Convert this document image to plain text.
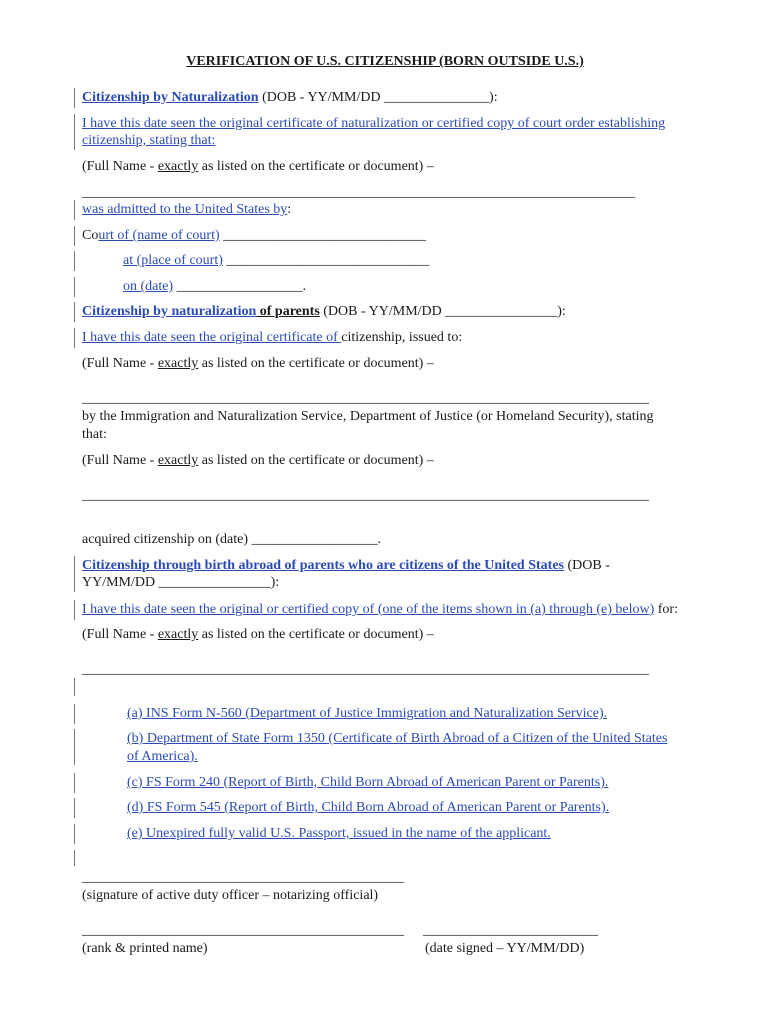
VERIFICATION OF U.S. CITIZENSHIP (BORN OUTSIDE U.S.)
Citizenship by Naturalization (DOB - YY/MM/DD _______________):
I have this date seen the original certificate of naturalization or certified copy of court order establishing
citizenship, stating that:
(Full Name - exactly as listed on the certificate or document) –
_______________________________________________________________________________
was admitted to the United States by:
Court of (name of court) _____________________________
at (place of court) _____________________________
on (date) __________________.
Citizenship by naturalization of parents (DOB - YY/MM/DD ________________):
I have this date seen the original certificate of citizenship, issued to:
(Full Name - exactly as listed on the certificate or document) –
_________________________________________________________________________________
by the Immigration and Naturalization Service, Department of Justice (or Homeland Security), stating
that:
(Full Name - exactly as listed on the certificate or document) –
_________________________________________________________________________________
acquired citizenship on (date) __________________.
Citizenship through birth abroad of parents who are citizens of the United States (DOB -
YY/MM/DD ________________):
I have this date seen the original or certified copy of (one of the items shown in (a) through (e) below) for:
(Full Name - exactly as listed on the certificate or document) –
_________________________________________________________________________________
(a) INS Form N-560 (Department of Justice Immigration and Naturalization Service).
(b) Department of State Form 1350 (Certificate of Birth Abroad of a Citizen of the United States
of America).
(c) FS Form 240 (Report of Birth, Child Born Abroad of American Parent or Parents).
(d) FS Form 545 (Report of Birth, Child Born Abroad of American Parent or Parents).
(e) Unexpired fully valid U.S. Passport, issued in the name of the applicant.
______________________________________________
(signature of active duty officer – notarizing official)
______________________________________________
(rank & printed name)
_________________________
(date signed – YY/MM/DD)
